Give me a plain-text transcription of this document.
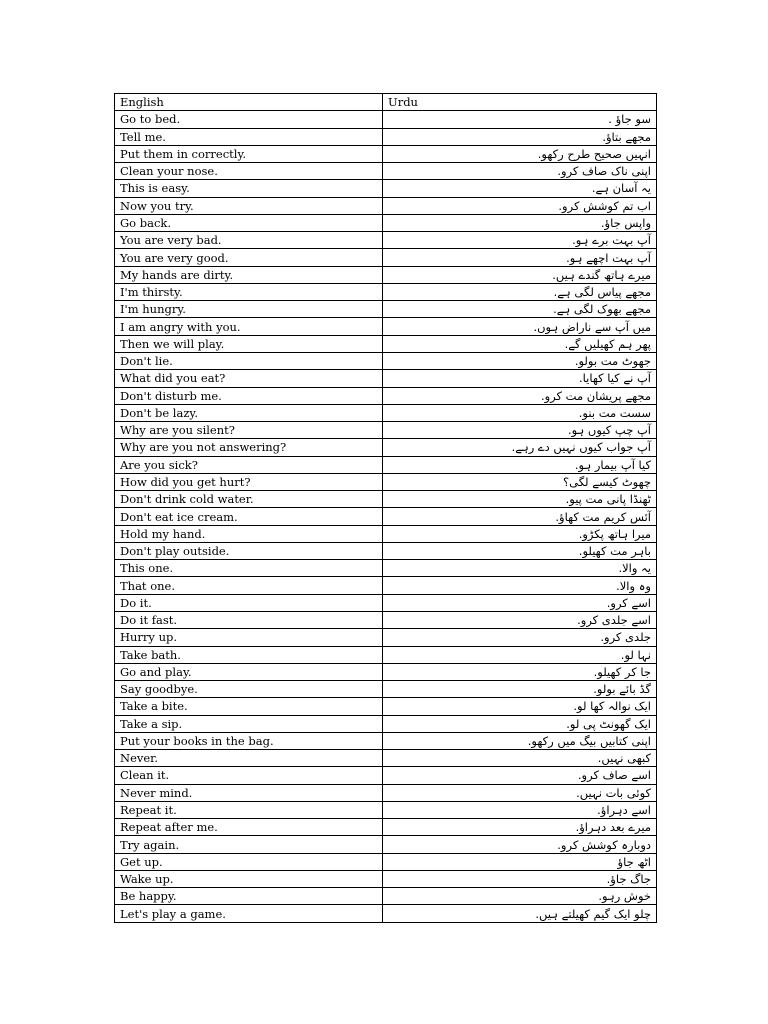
English	Urdu
Go to bed.	سو جاؤ .
Tell me.	مجھے بتاؤ.
Put them in correctly.	انہیں صحیح طرح رکھو.
Clean your nose.	اپنی ناک صاف کرو.
This is easy.	یہ آسان ہے.
Now you try.	اب تم کوشش کرو.
Go back.	واپس جاؤ.
You are very bad.	آپ بہت برے ہو.
You are very good.	آپ بہت اچھے ہو.
My hands are dirty.	میرے ہاتھ گندے ہیں.
I'm thirsty.	مجھے پیاس لگی ہے.
I'm hungry.	مجھے بھوک لگی ہے.
I am angry with you.	میں آپ سے ناراض ہوں.
Then we will play.	پھر ہم کھیلیں گے.
Don't lie.	جھوٹ مت بولو.
What did you eat?	آپ نے کیا کھایا.
Don't disturb me.	مجھے پریشان مت کرو.
Don't be lazy.	سست مت بنو.
Why are you silent?	آپ چپ کیوں ہو.
Why are you not answering?	آپ جواب کیوں نہیں دے رہے.
Are you sick?	کیا آپ بیمار ہو.
How did you get hurt?	چھوٹ کیسے لگی؟
Don't drink cold water.	ٹھنڈا پانی مت پیو.
Don't eat ice cream.	آئس کریم مت کھاؤ.
Hold my hand.	میرا ہاتھ پکڑو.
Don't play outside.	باہر مت کھیلو.
This one.	یہ والا.
That one.	وہ والا.
Do it.	اسے کرو.
Do it fast.	اسے جلدی کرو.
Hurry up.	جلدی کرو.
Take bath.	نہا لو.
Go and play.	جا کر کھیلو.
Say goodbye.	گڈ بائے بولو.
Take a bite.	ایک نوالہ کھا لو.
Take a sip.	ایک گھونٹ پی لو.
Put your books in the bag.	اپنی کتابیں بیگ میں رکھو.
Never.	کبھی نہیں.
Clean it.	اسے صاف کرو.
Never mind.	کوئی بات نہیں.
Repeat it.	اسے دہراؤ.
Repeat after me.	میرے بعد دہراؤ.
Try again.	دوبارہ کوشش کرو.
Get up.	اٹھ جاؤ
Wake up.	جاگ جاؤ.
Be happy.	خوش رہو.
Let's play a game.	چلو ایک گیم کھیلتے ہیں.
